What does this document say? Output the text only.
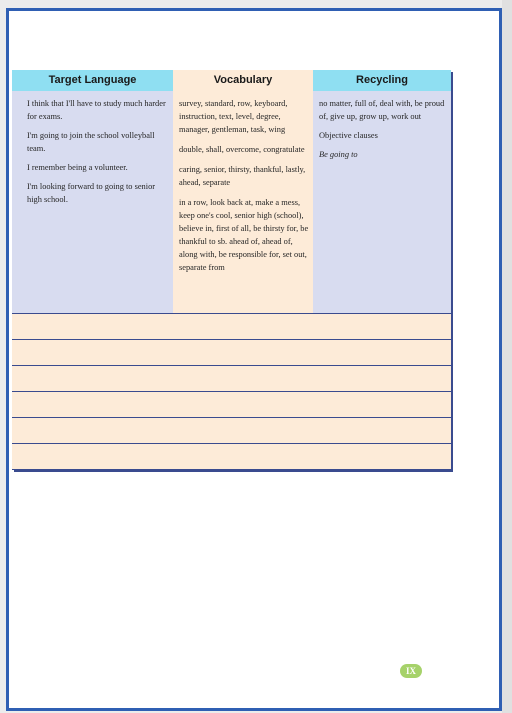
Target Language	Vocabulary	Recycling

I think that I'll have to study much harder for exams.

I'm going to join the school volleyball team.

I remember being a volunteer.

I'm looking forward to going to senior high school.

survey, standard, row, keyboard, instruction, text, level, degree, manager, gentleman, task, wing

double, shall, overcome, congratulate

caring, senior, thirsty, thankful, lastly, ahead, separate

in a row, look back at, make a mess, keep one's cool, senior high (school), believe in, first of all, be thirsty for, be thankful to sb. ahead of, ahead of, along with, be responsible for, set out, separate from

no matter, full of, deal with, be proud of, give up, grow up, work out

Objective clauses

Be going to

IX
